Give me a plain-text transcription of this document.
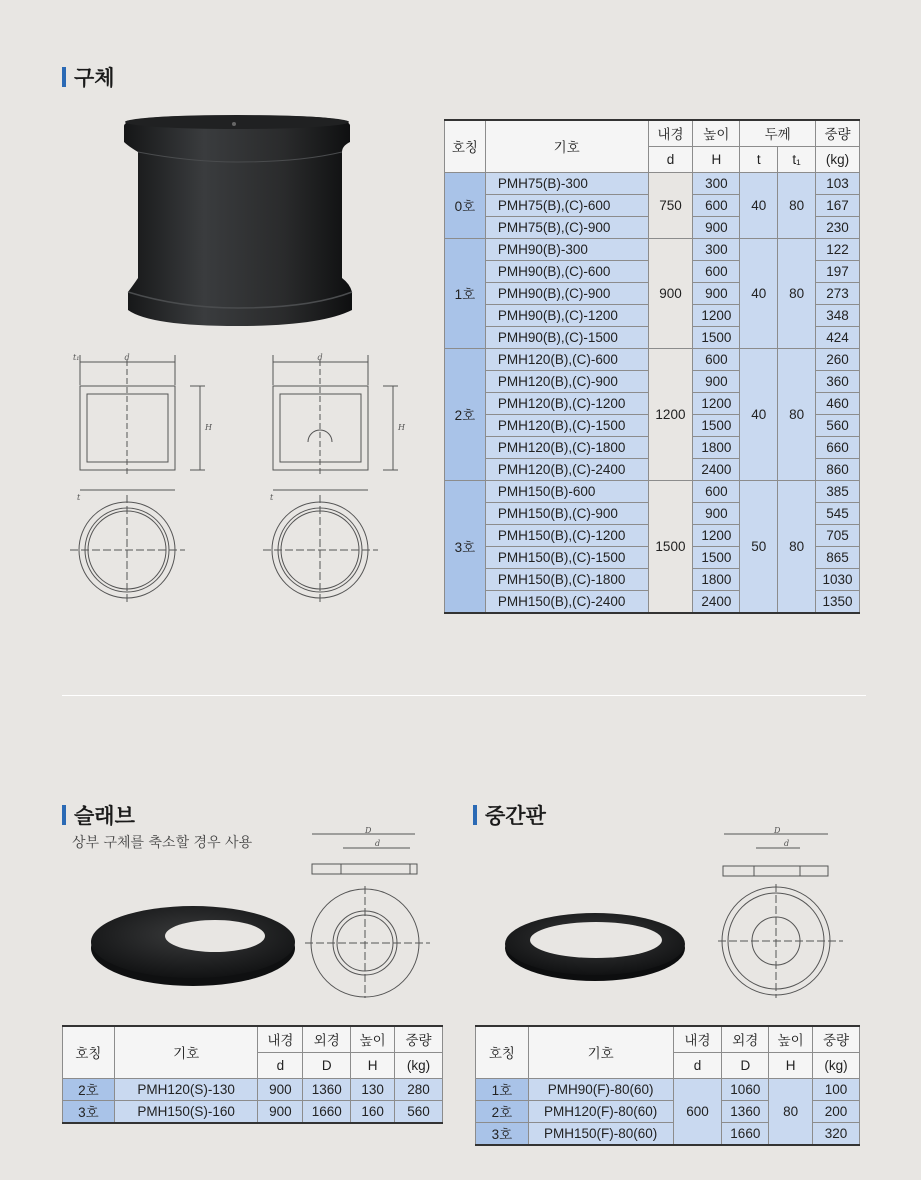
구체
d
t₁
H
t
d
H
t
호칭	기호	내경	높이	두께		중량
		d	H	t	t₁	(kg)
0호	PMH75(B)-300	750	300	40	80	103
	PMH75(B),(C)-600		600			167
	PMH75(B),(C)-900		900			230
1호	PMH90(B)-300	900	300	40	80	122
	PMH90(B),(C)-600		600			197
	PMH90(B),(C)-900		900			273
	PMH90(B),(C)-1200		1200			348
	PMH90(B),(C)-1500		1500			424
2호	PMH120(B),(C)-600	1200	600	40	80	260
	PMH120(B),(C)-900		900			360
	PMH120(B),(C)-1200		1200			460
	PMH120(B),(C)-1500		1500			560
	PMH120(B),(C)-1800		1800			660
	PMH120(B),(C)-2400		2400			860
3호	PMH150(B)-600	1500	600	50	80	385
	PMH150(B),(C)-900		900			545
	PMH150(B),(C)-1200		1200			705
	PMH150(B),(C)-1500		1500			865
	PMH150(B),(C)-1800		1800			1030
	PMH150(B),(C)-2400		2400			1350
슬래브
상부 구체를 축소할 경우 사용
D
d
호칭	기호	내경	외경	높이	중량
		d	D	H	(kg)
2호	PMH120(S)-130	900	1360	130	280
3호	PMH150(S)-160	900	1660	160	560
중간판
D
d
호칭	기호	내경	외경	높이	중량
		d	D	H	(kg)
1호	PMH90(F)-80(60)	600	1060	80	100
2호	PMH120(F)-80(60)		1360		200
3호	PMH150(F)-80(60)		1660		320
